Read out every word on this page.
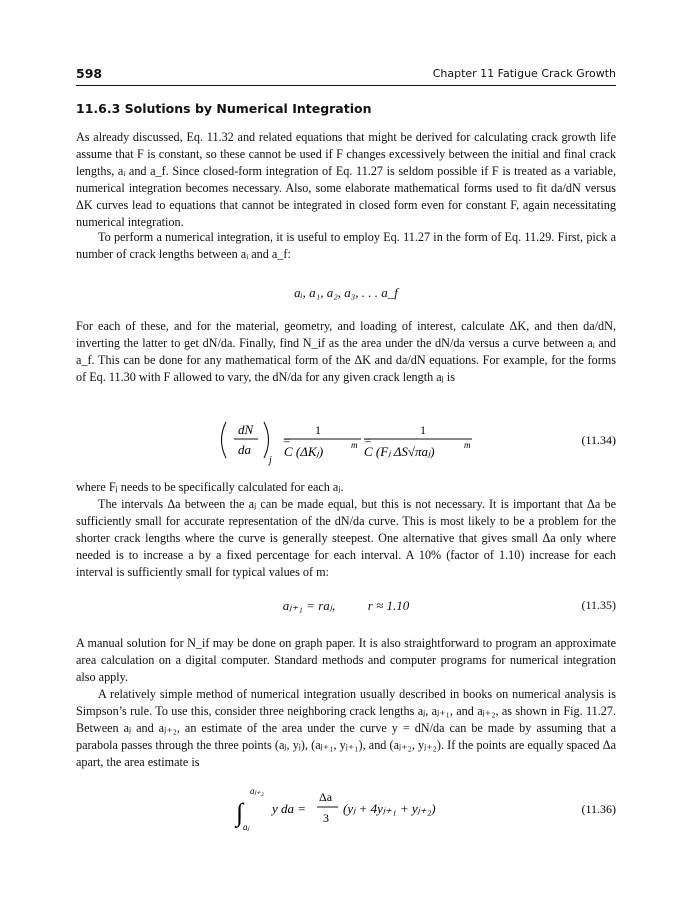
598	Chapter 11 Fatigue Crack Growth
11.6.3 Solutions by Numerical Integration

As already discussed, Eq. 11.32 and related equations that might be derived for calculating crack growth life assume that F is constant, so these cannot be used if F changes excessively between the initial and final crack lengths, aᵢ and a_f. Since closed-form integration of Eq. 11.27 is seldom possible if F is treated as a variable, numerical integration becomes necessary. Also, some elaborate mathematical forms used to fit da/dN versus ΔK curves lead to equations that cannot be integrated in closed form even for constant F, again necessitating numerical integration.

To perform a numerical integration, it is useful to employ Eq. 11.27 in the form of Eq. 11.29. First, pick a number of crack lengths between aᵢ and a_f:

aᵢ, a₁, a₂, a₃, . . . a_f

For each of these, and for the material, geometry, and loading of interest, calculate ΔK, and then da/dN, inverting the latter to get dN/da. Finally, find N_if as the area under the dN/da versus a curve between aᵢ and a_f. This can be done for any mathematical form of the ΔK and da/dN equations. For example, for the forms of Eq. 11.30 with F allowed to vary, the dN/da for any given crack length aⱼ is

dN
da
j
=
1
C (ΔKⱼ)	m =
1
C (Fⱼ ΔS√πaⱼ)	m	(11.34)

where Fⱼ needs to be specifically calculated for each aⱼ.

The intervals Δa between the aⱼ can be made equal, but this is not necessary. It is important that Δa be sufficiently small for accurate representation of the dN/da curve. This is most likely to be a problem for the shorter crack lengths where the curve is generally steepest. One alternative that gives small Δa only where needed is to increase a by a fixed percentage for each interval. A 10% (factor of 1.10) increase for each interval is sufficiently small for typical values of m:

aⱼ₊₁ = raⱼ,          r ≈ 1.10	(11.35)

A manual solution for N_if may be done on graph paper. It is also straightforward to program an approximate area calculation on a digital computer. Standard methods and computer programs for numerical integration also apply.

A relatively simple method of numerical integration usually described in books on numerical analysis is Simpson’s rule. To use this, consider three neighboring crack lengths aⱼ, aⱼ₊₁, and aⱼ₊₂, as shown in Fig. 11.27. Between aⱼ and aⱼ₊₂, an estimate of the area under the curve y = dN/da can be made by assuming that a parabola passes through the three points (aⱼ, yⱼ), (aⱼ₊₁, yⱼ₊₁), and (aⱼ₊₂, yⱼ₊₂). If the points are equally spaced Δa apart, the area estimate is

∫
aⱼ₊₂
aⱼ
y da =
Δa
3
(yⱼ + 4yⱼ₊₁ + yⱼ₊₂)	(11.36)
